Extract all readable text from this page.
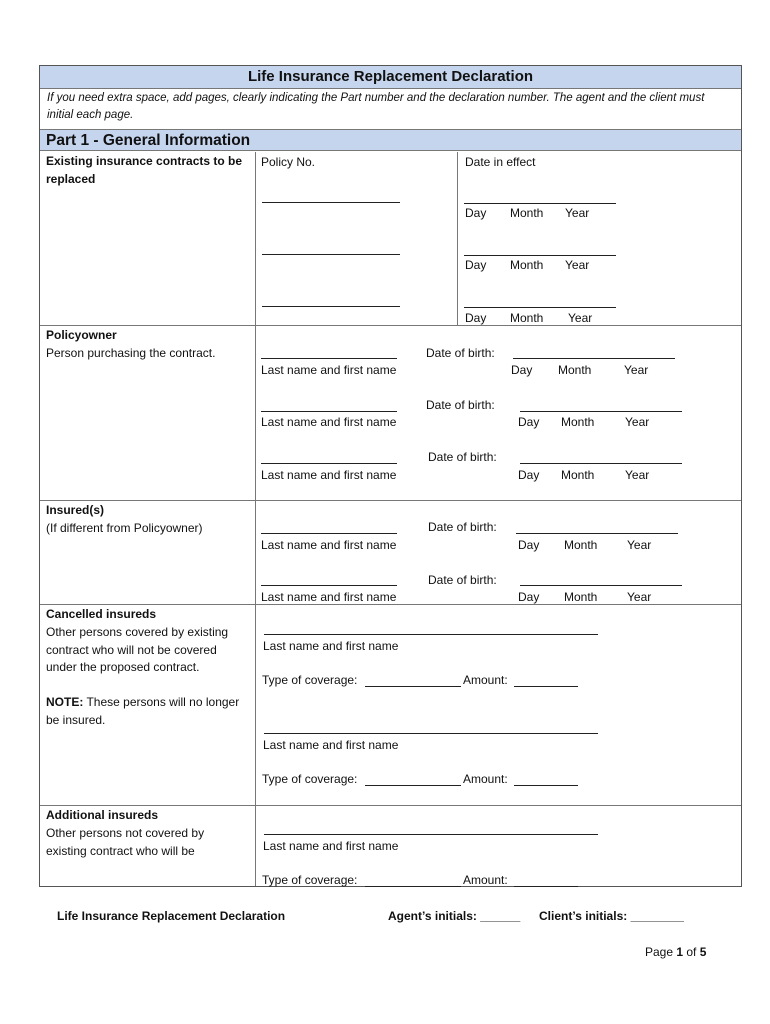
Life Insurance Replacement Declaration
If you need extra space, add pages, clearly indicating the Part number and the declaration number. The agent and the client must initial each page.
Part 1 - General Information
Existing insurance contracts to be replaced
Policy No.	Date in effect
Day Month Year
Day Month Year
Day Month Year
Policyowner
Person purchasing the contract.
Last name and first name
Date of birth:
Day Month	Year
Last name and first name
Date of birth:
Day Month	Year
Last name and first name
Date of birth:
Day Month	Year
Insured(s)
(If different from Policyowner)
Last name and first name
Date of birth:
Day Month Year
Last name and first name
Date of birth:
Day Month Year
Cancelled insureds
Other persons covered by existing contract who will not be covered under the proposed contract.
NOTE: These persons will no longer be insured.
Last name and first name
Type of coverage:	Amount:
Last name and first name
Type of coverage:	Amount:
Additional insureds
Other persons not covered by existing contract who will be	Last name and first name
Type of coverage:	Amount:
Life Insurance Replacement Declaration	Agent’s initials: ______ Client’s initials: ________
Page 1 of 5
